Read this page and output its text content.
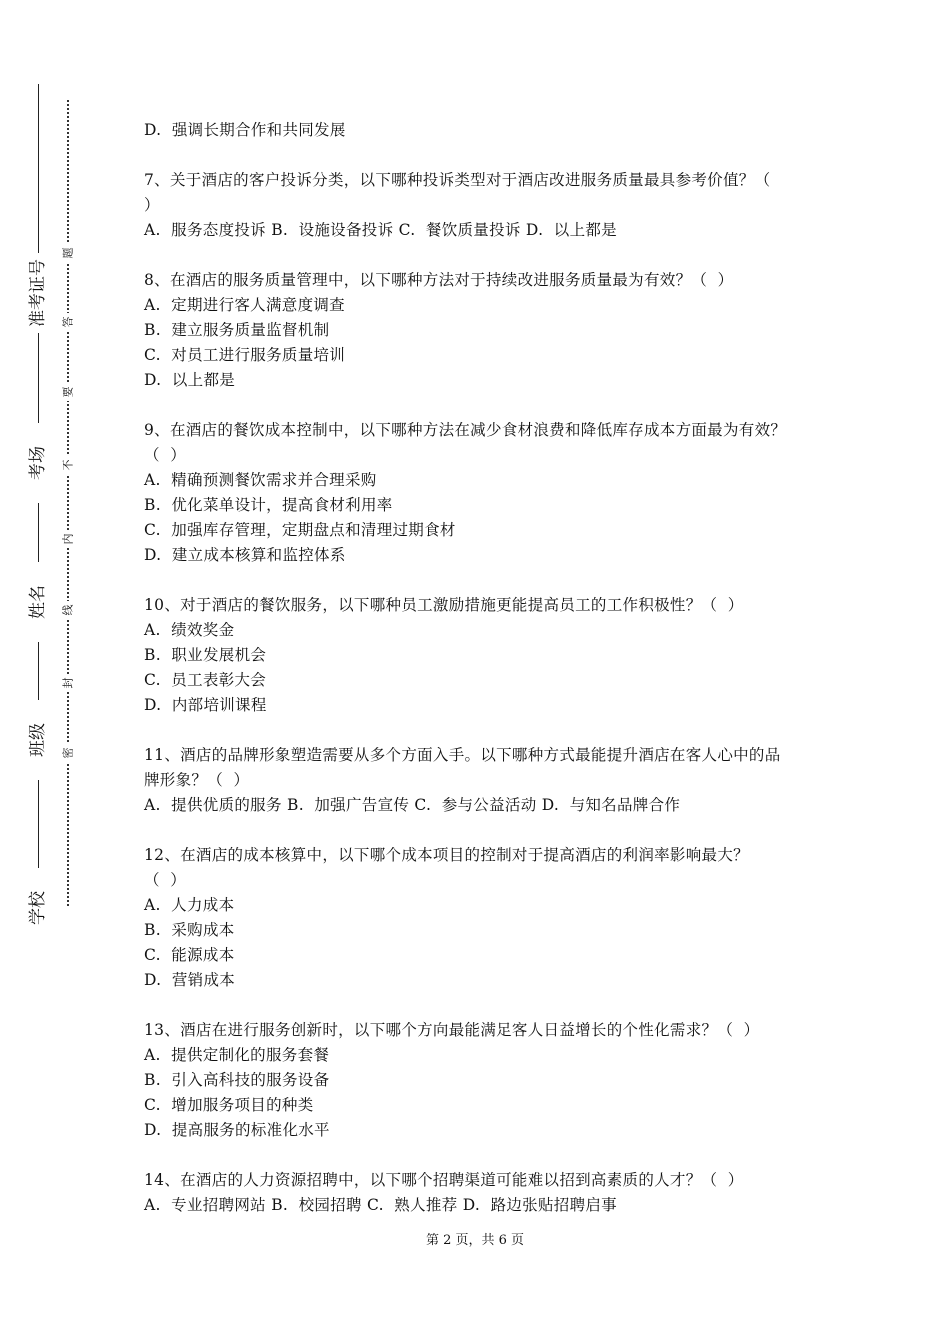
准考证号
考场
姓名
班级
学校
题
答
要
不
内
线
封
密
D.  强调长期合作和共同发展
7、关于酒店的客户投诉分类，以下哪种投诉类型对于酒店改进服务质量最具参考价值？（
）
A.  服务态度投诉 B.  设施设备投诉 C.  餐饮质量投诉 D.  以上都是
8、在酒店的服务质量管理中，以下哪种方法对于持续改进服务质量最为有效？（  ）
A.  定期进行客人满意度调查
B.  建立服务质量监督机制
C.  对员工进行服务质量培训
D.  以上都是
9、在酒店的餐饮成本控制中，以下哪种方法在减少食材浪费和降低库存成本方面最为有效？
（  ）
A.  精确预测餐饮需求并合理采购
B.  优化菜单设计，提高食材利用率
C.  加强库存管理，定期盘点和清理过期食材
D.  建立成本核算和监控体系
10、对于酒店的餐饮服务，以下哪种员工激励措施更能提高员工的工作积极性？（  ）
A.  绩效奖金
B.  职业发展机会
C.  员工表彰大会
D.  内部培训课程
11、酒店的品牌形象塑造需要从多个方面入手。以下哪种方式最能提升酒店在客人心中的品
牌形象？（  ）
A.  提供优质的服务 B.  加强广告宣传 C.  参与公益活动 D.  与知名品牌合作
12、在酒店的成本核算中，以下哪个成本项目的控制对于提高酒店的利润率影响最大？
（  ）
A.  人力成本
B.  采购成本
C.  能源成本
D.  营销成本
13、酒店在进行服务创新时，以下哪个方向最能满足客人日益增长的个性化需求？（  ）
A.  提供定制化的服务套餐
B.  引入高科技的服务设备
C.  增加服务项目的种类
D.  提高服务的标准化水平
14、在酒店的人力资源招聘中，以下哪个招聘渠道可能难以招到高素质的人才？（  ）
A.  专业招聘网站 B.  校园招聘 C.  熟人推荐 D.  路边张贴招聘启事
第 2 页，共 6 页
